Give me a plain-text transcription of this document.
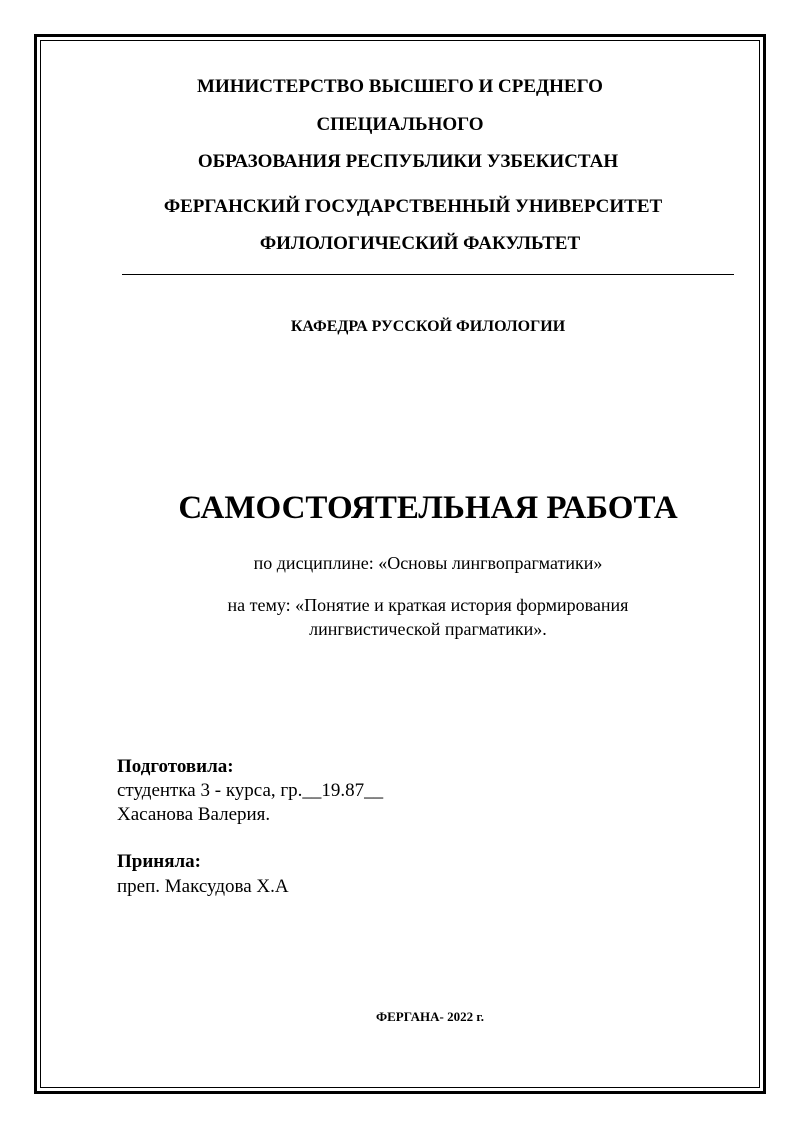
МИНИСТЕРСТВО ВЫСШЕГО И СРЕДНЕГО
СПЕЦИАЛЬНОГО
ОБРАЗОВАНИЯ РЕСПУБЛИКИ УЗБЕКИСТАН
ФЕРГАНСКИЙ ГОСУДАРСТВЕННЫЙ УНИВЕРСИТЕТ
ФИЛОЛОГИЧЕСКИЙ ФАКУЛЬТЕТ
КАФЕДРА РУССКОЙ ФИЛОЛОГИИ
САМОСТОЯТЕЛЬНАЯ РАБОТА
по дисциплине: «Основы лингвопрагматики»
на тему: «Понятие и краткая история формирования
лингвистической прагматики».
Подготовила:
студентка 3 - курса, гр.__19.87__
Хасанова Валерия.
Приняла:
преп. Максудова Х.А
ФЕРГАНА- 2022 г.
